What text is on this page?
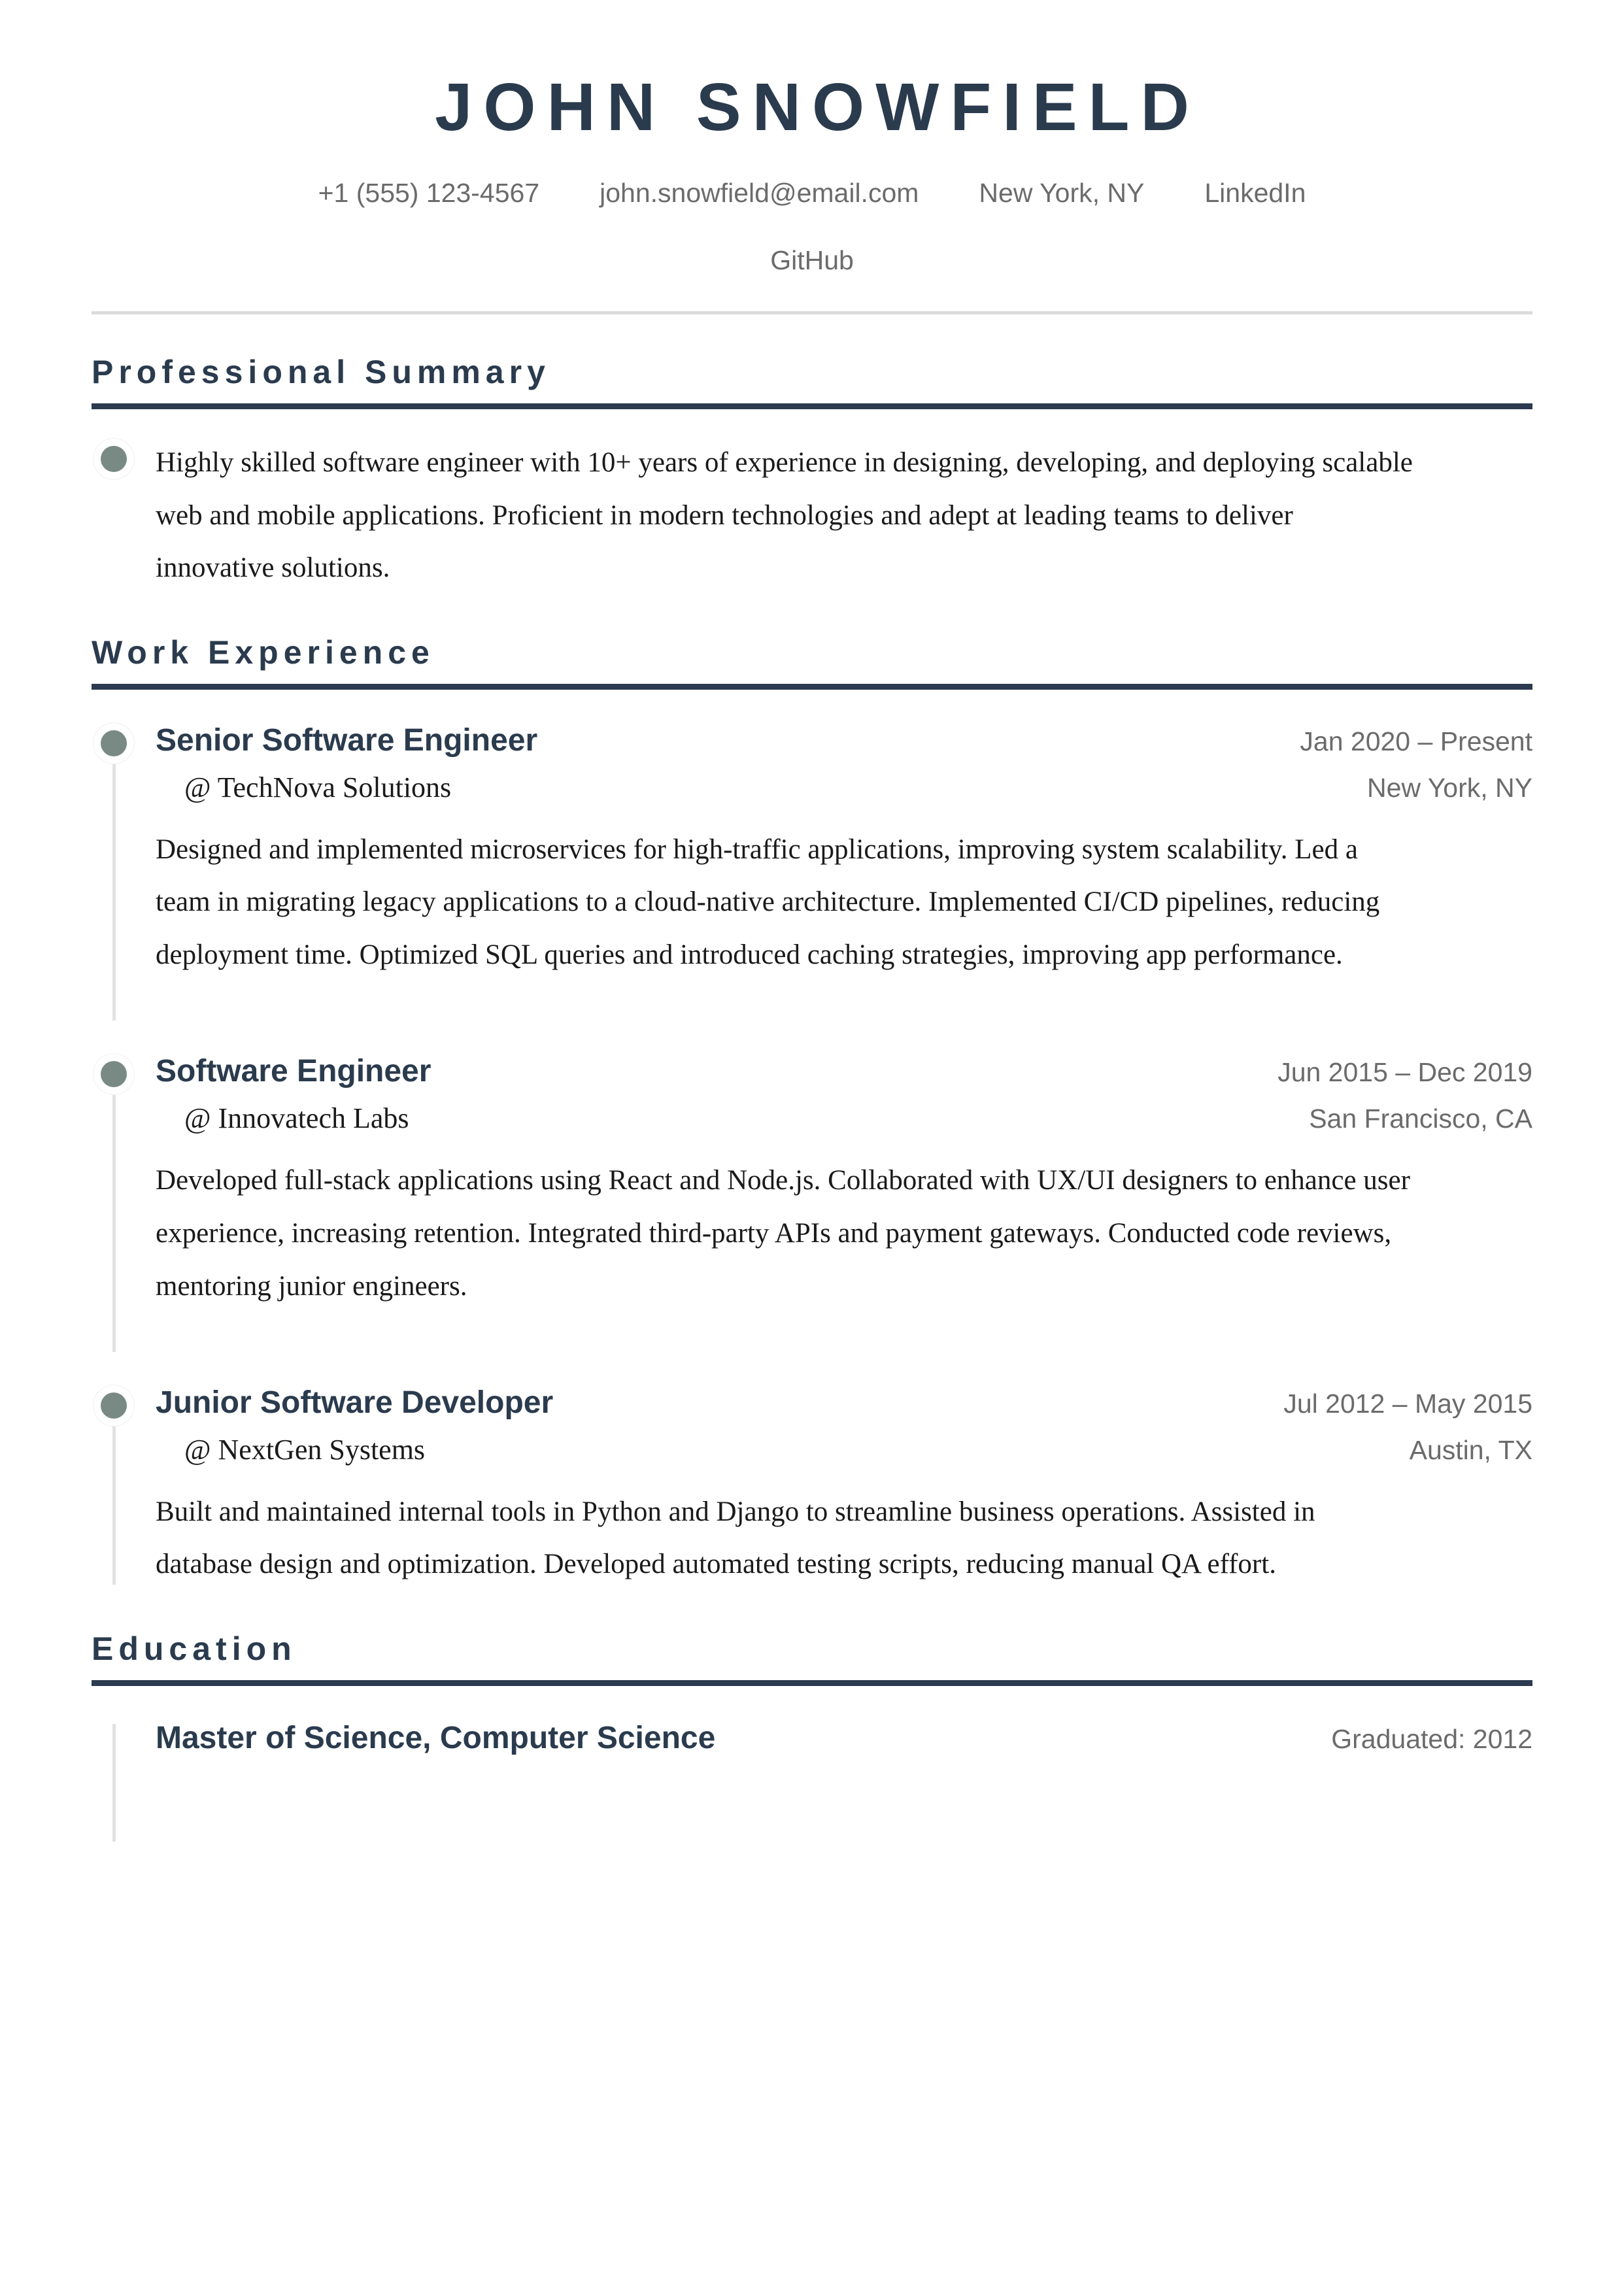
JOHN SNOWFIELD
+1 (555) 123-4567 john.snowfield@email.com New York, NY LinkedIn
GitHub
Professional Summary

Highly skilled software engineer with 10+ years of experience in designing, developing, and deploying scalable web and mobile applications. Proficient in modern technologies and adept at leading teams to deliver innovative solutions.

Work Experience
Senior Software Engineer	Jan 2020 – Present
@ TechNova Solutions	New York, NY

Designed and implemented microservices for high-traffic applications, improving system scalability. Led a team in migrating legacy applications to a cloud-native architecture. Implemented CI/CD pipelines, reducing deployment time. Optimized SQL queries and introduced caching strategies, improving app performance.

Software Engineer	Jun 2015 – Dec 2019
@ Innovatech Labs	San Francisco, CA

Developed full-stack applications using React and Node.js. Collaborated with UX/UI designers to enhance user experience, increasing retention. Integrated third-party APIs and payment gateways. Conducted code reviews, mentoring junior engineers.

Junior Software Developer	Jul 2012 – May 2015
@ NextGen Systems	Austin, TX

Built and maintained internal tools in Python and Django to streamline business operations. Assisted in database design and optimization. Developed automated testing scripts, reducing manual QA effort.

Education
Master of Science, Computer Science	Graduated: 2012
